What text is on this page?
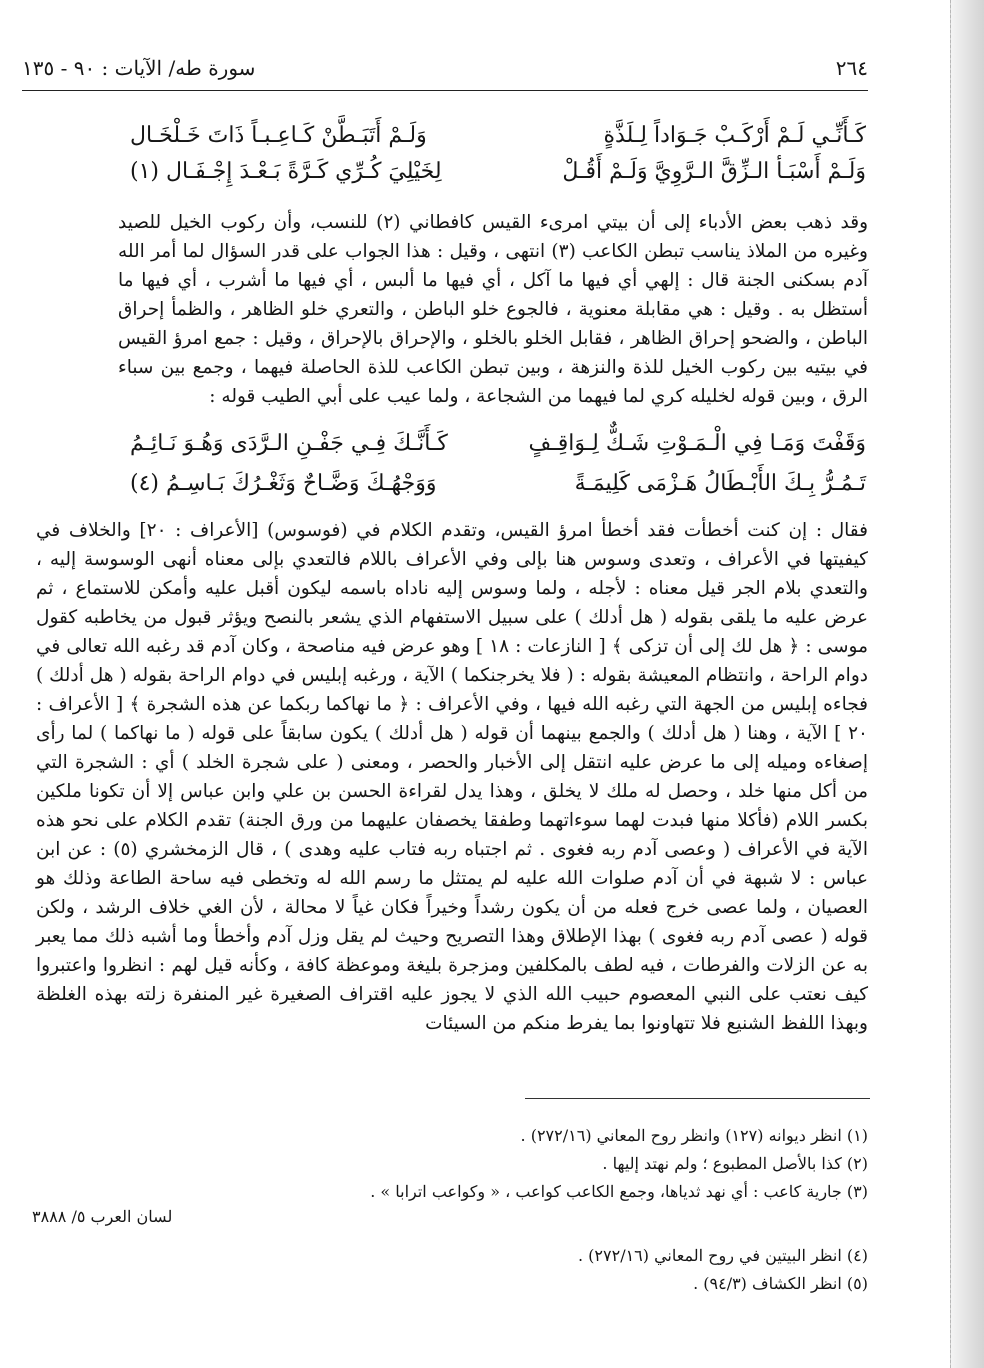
٢٦٤
سورة طه/ الآيات : ٩٠ - ١٣٥
كَـأَنِّـي لَـمْ أَرْكَـبْ جَـوَاداً لِـلَذَّةٍ
وَلَـمْ أَتَبَـطَّنْ كَـاعِـبـاً ذَاتَ خَـلْخَـال
وَلَـمْ أَسْبَـأ الـزِّقَّ الـرَّوِيَّ وَلَـمْ أَقُـلْ
لِخَيْلِيَ كُـرِّي كَـرَّةً بَـعْـدَ إِجْـفَـال (١)

وقد ذهب بعض الأدباء إلى أن بيتي امرىء القيس كافطاني (٢) للنسب، وأن ركوب الخيل للصيد وغيره من الملاذ يناسب تبطن الكاعب (٣) انتهى ، وقيل : هذا الجواب على قدر السؤال لما أمر الله آدم بسكنى الجنة قال : إلهي أي فيها ما آكل ، أي فيها ما ألبس ، أي فيها ما أشرب ، أي فيها ما أستظل به . وقيل : هي مقابلة معنوية ، فالجوع خلو الباطن ، والتعري خلو الظاهر ، والظمأ إحراق الباطن ، والضحو إحراق الظاهر ، فقابل الخلو بالخلو ، والإحراق بالإحراق ، وقيل : جمع امرؤ القيس في بيتيه بين ركوب الخيل للذة والنزهة ، وبين تبطن الكاعب للذة الحاصلة فيهما ، وجمع بين سباء الرق ، وبين قوله لخليله كري لما فيهما من الشجاعة ، ولما عيب على أبي الطيب قوله :

وَقَفْتَ وَمَـا فِي الْـمَـوْتِ شَـكٌّ لِـوَاقِـفٍ
كَـأَنَّـكَ فِـي جَفْـنِ الـرَّدَى وَهُـوَ نَـائِـمُ
تَـمُـرُّ بِـكَ الأَبْـطَالُ هَـزْمَى كَلِيمَـةً
وَوَجْهُـكَ وَضَّـاحٌ وَثَغْـرُكَ بَـاسِـمُ (٤)

فقال : إن كنت أخطأت فقد أخطأ امرؤ القيس، وتقدم الكلام في (فوسوس) [الأعراف : ٢٠] والخلاف في كيفيتها في الأعراف ، وتعدى وسوس هنا بإلى وفي الأعراف باللام فالتعدي بإلى معناه أنهى الوسوسة إليه ، والتعدي بلام الجر قيل معناه : لأجله ، ولما وسوس إليه ناداه باسمه ليكون أقبل عليه وأمكن للاستماع ، ثم عرض عليه ما يلقى بقوله ( هل أدلك ) على سبيل الاستفهام الذي يشعر بالنصح ويؤثر قبول من يخاطبه كقول موسى : ﴿ هل لك إلى أن تزكى ﴾ [ النازعات : ١٨ ] وهو عرض فيه مناصحة ، وكان آدم قد رغبه الله تعالى في دوام الراحة ، وانتظام المعيشة بقوله : ( فلا يخرجنكما ) الآية ، ورغبه إبليس في دوام الراحة بقوله ( هل أدلك ) فجاءه إبليس من الجهة التي رغبه الله فيها ، وفي الأعراف : ﴿ ما نهاكما ربكما عن هذه الشجرة ﴾ [ الأعراف : ٢٠ ] الآية ، وهنا ( هل أدلك ) والجمع بينهما أن قوله ( هل أدلك ) يكون سابقاً على قوله ( ما نهاكما ) لما رأى إصغاءه وميله إلى ما عرض عليه انتقل إلى الأخبار والحصر ، ومعنى ( على شجرة الخلد ) أي : الشجرة التي من أكل منها خلد ، وحصل له ملك لا يخلق ، وهذا يدل لقراءة الحسن بن علي وابن عباس إلا أن تكونا ملكين بكسر اللام (فأكلا منها فبدت لهما سوءاتهما وطفقا يخصفان عليهما من ورق الجنة) تقدم الكلام على نحو هذه الآية في الأعراف ( وعصى آدم ربه فغوى . ثم اجتباه ربه فتاب عليه وهدى ) ، قال الزمخشري (٥) : عن ابن عباس : لا شبهة في أن آدم صلوات الله عليه لم يمتثل ما رسم الله له وتخطى فيه ساحة الطاعة وذلك هو العصيان ، ولما عصى خرج فعله من أن يكون رشداً وخيراً فكان غياً لا محالة ، لأن الغي خلاف الرشد ، ولكن قوله ( عصى آدم ربه فغوى ) بهذا الإطلاق وهذا التصريح وحيث لم يقل وزل آدم وأخطأ وما أشبه ذلك مما يعبر به عن الزلات والفرطات ، فيه لطف بالمكلفين ومزجرة بليغة وموعظة كافة ، وكأنه قيل لهم : انظروا واعتبروا كيف نعتب على النبي المعصوم حبيب الله الذي لا يجوز عليه اقتراف الصغيرة غير المنفرة زلته بهذه الغلظة وبهذا اللفظ الشنيع فلا تتهاونوا بما يفرط منكم من السيئات

(١) انظر ديوانه (١٢٧) وانظر روح المعاني (٢٧٢/١٦) .
(٢) كذا بالأصل المطبوع ؛ ولم نهتد إليها .
(٣) جارية كاعب : أي نهد ثدياها، وجمع الكاعب كواعب ، « وكواعب اترابا » .
لسان العرب ٥/ ٣٨٨٨
(٤) انظر البيتين في روح المعاني (٢٧٢/١٦) .
(٥) انظر الكشاف (٩٤/٣) .
